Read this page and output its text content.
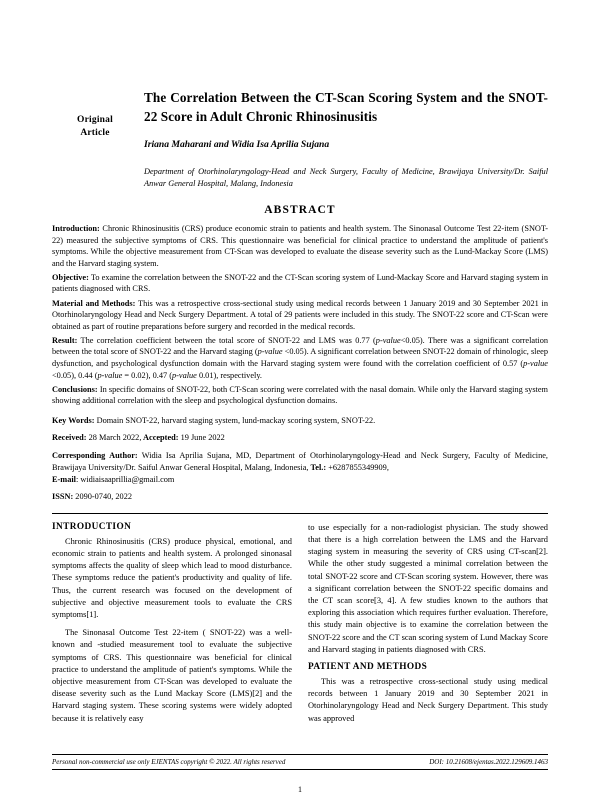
Original
Article
The Correlation Between the CT-Scan Scoring System and the SNOT-22 Score in Adult Chronic Rhinosinusitis
Iriana Maharani and Widia Isa Aprilia Sujana
Department of Otorhinolaryngology-Head and Neck Surgery, Faculty of Medicine, Brawijaya University/Dr. Saiful Anwar General Hospital, Malang, Indonesia
ABSTRACT

Introduction: Chronic Rhinosinusitis (CRS) produce economic strain to patients and health system. The Sinonasal Outcome Test 22-item (SNOT-22) measured the subjective symptoms of CRS. This questionnaire was beneficial for clinical practice to understand the amplitude of patient's symptoms. While the objective measurement from CT-Scan was developed to evaluate the disease severity such as the Lund-Mackay Score (LMS) and the Harvard staging system.

Objective: To examine the correlation between the SNOT-22 and the CT-Scan scoring system of Lund-Mackay Score and Harvard staging system in patients diagnosed with CRS.

Material and Methods: This was a retrospective cross-sectional study using medical records between 1 January 2019 and 30 September 2021 in Otorhinolaryngology Head and Neck Surgery Department. A total of 29 patients were included in this study. The SNOT-22 score and CT-Scan were obtained as part of routine preparations before surgery and recorded in the medical records.

Result: The correlation coefficient between the total score of SNOT-22 and LMS was 0.77 (p-value<0.05). There was a significant correlation between the total score of SNOT-22 and the Harvard staging (p-value <0.05). A significant correlation between SNOT-22 domain of rhinologic, sleep dysfunction, and psychological dysfunction domain with the Harvard staging system were found with the correlation coefficient of 0.57 (p-value <0.05), 0.44 (p-value = 0.02), 0.47 (p-value 0.01), respectively.

Conclusions: In specific domains of SNOT-22, both CT-Scan scoring were correlated with the nasal domain. While only the Harvard staging system showing additional correlation with the sleep and psychological dysfunction domains.

Key Words: Domain SNOT-22, harvard staging system, lund-mackay scoring system, SNOT-22.

Received: 28 March 2022, Accepted: 19 June 2022

Corresponding Author: Widia Isa Aprilia Sujana, MD, Department of Otorhinolaryngology-Head and Neck Surgery, Faculty of Medicine, Brawijaya University/Dr. Saiful Anwar General Hospital, Malang, Indonesia, Tel.: +6287855349909,
E-mail: widiaisaaprillia@gmail.com

ISSN: 2090-0740, 2022

INTRODUCTION

Chronic Rhinosinusitis (CRS) produce physical, emotional, and economic strain to patients and health system. A prolonged sinonasal symptoms affects the quality of sleep which lead to mood disturbance. These symptoms reduce the patient's productivity and quality of life. Thus, the current research was focused on the development of subjective and objective measurement tools to evaluate the CRS symptoms[1].

The Sinonasal Outcome Test 22-item ( SNOT-22) was a well-known and -studied measurement tool to evaluate the subjective symptoms of CRS. This questionnaire was beneficial for clinical practice to understand the amplitude of patient's symptoms. While the objective measurement from CT-Scan was developed to evaluate the disease severity such as the Lund Mackay Score (LMS)[2] and the Harvard staging system. These scoring systems were widely adopted because it is relatively easy

to use especially for a non-radiologist physician. The study showed that there is a high correlation between the LMS and the Harvard staging system in measuring the severity of CRS using CT-scan[2]. While the other study suggested a minimal correlation between the total SNOT-22 score and CT-Scan scoring system. However, there was a significant correlation between the SNOT-22 specific domains and the CT scan score[3, 4]. A few studies known to the authors that exploring this association which requires further evaluation. Therefore, this study main objective is to examine the correlation between the SNOT-22 score and the CT scan scoring system of Lund Mackay Score and Harvard staging in patients diagnosed with CRS.

PATIENT AND METHODS

This was a retrospective cross-sectional study using medical records between 1 January 2019 and 30 September 2021 in Otorhinolaryngology Head and Neck Surgery Department. This study was approved

Personal non-commercial use only EJENTAS copyright © 2022. All rights reserved	DOI: 10.21608/ejentas.2022.129609.1463
1
